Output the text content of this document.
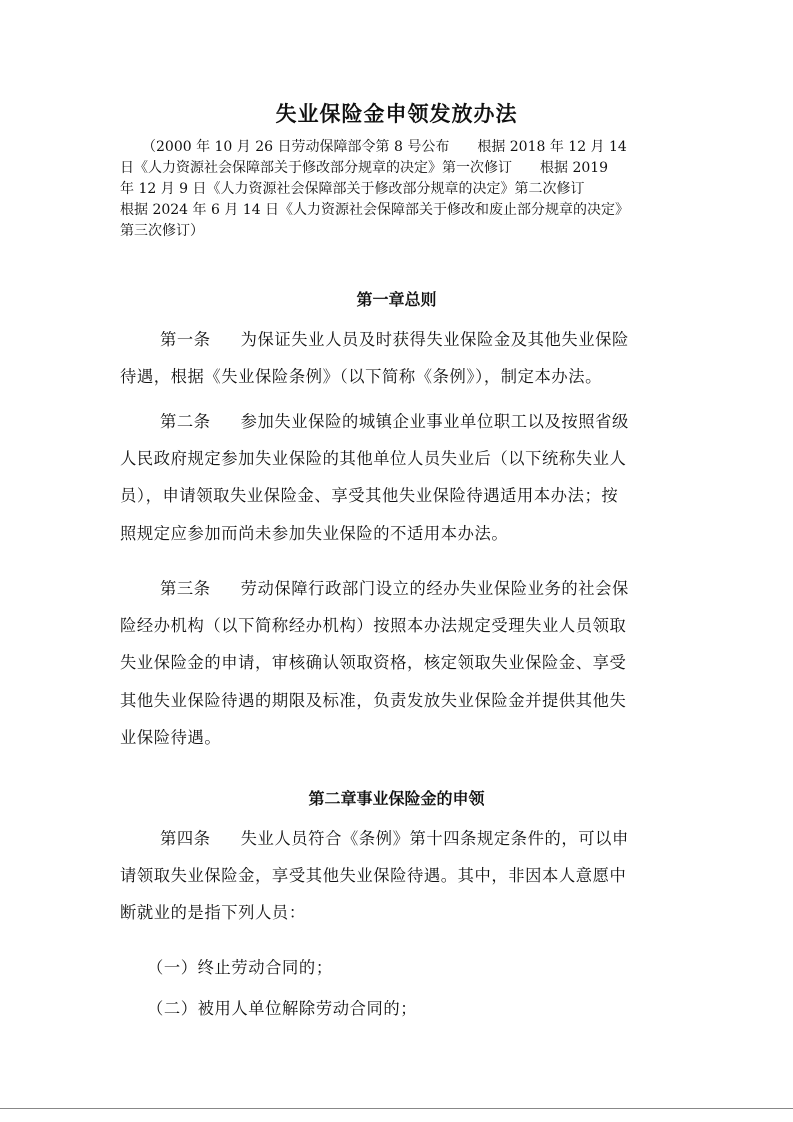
失业保险金申领发放办法
（2000 年 10 月 26 日劳动保障部令第 8 号公布　　根据 2018 年 12 月 14
日《人力资源社会保障部关于修改部分规章的决定》第一次修订　　根据 2019
年 12 月 9 日《人力资源社会保障部关于修改部分规章的决定》第二次修订
根据 2024 年 6 月 14 日《人力资源社会保障部关于修改和废止部分规章的决定》
第三次修订）
第一章总则
第一条 为保证失业人员及时获得失业保险金及其他失业保险
待遇，根据《失业保险条例》（以下简称《条例》），制定本办法。
第二条 参加失业保险的城镇企业事业单位职工以及按照省级
人民政府规定参加失业保险的其他单位人员失业后（以下统称失业人
员），申请领取失业保险金、享受其他失业保险待遇适用本办法；按
照规定应参加而尚未参加失业保险的不适用本办法。
第三条 劳动保障行政部门设立的经办失业保险业务的社会保
险经办机构（以下简称经办机构）按照本办法规定受理失业人员领取
失业保险金的申请，审核确认领取资格，核定领取失业保险金、享受
其他失业保险待遇的期限及标准，负责发放失业保险金并提供其他失
业保险待遇。
第二章事业保险金的申领
第四条 失业人员符合《条例》第十四条规定条件的，可以申
请领取失业保险金，享受其他失业保险待遇。其中，非因本人意愿中
断就业的是指下列人员：
（一）终止劳动合同的；
（二）被用人单位解除劳动合同的；
